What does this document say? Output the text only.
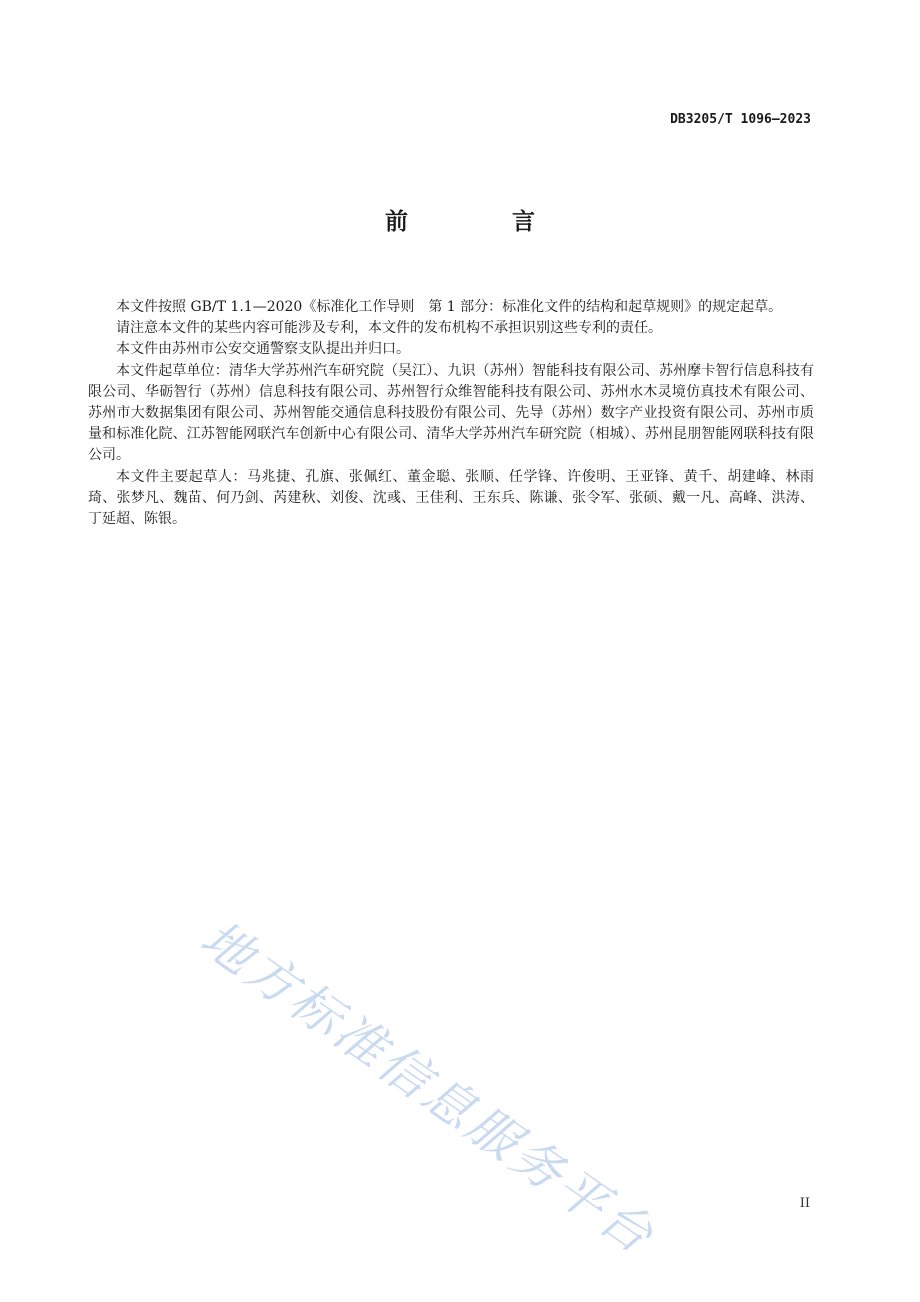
DB3205/T 1096—2023
前 言

本文件按照 GB/T 1.1—2020《标准化工作导则　第 1 部分：标准化文件的结构和起草规则》的规定起草。

请注意本文件的某些内容可能涉及专利，本文件的发布机构不承担识别这些专利的责任。

本文件由苏州市公安交通警察支队提出并归口。

本文件起草单位：清华大学苏州汽车研究院（吴江）、九识（苏州）智能科技有限公司、苏州摩卡智行信息科技有限公司、华砺智行（苏州）信息科技有限公司、苏州智行众维智能科技有限公司、苏州水木灵境仿真技术有限公司、苏州市大数据集团有限公司、苏州智能交通信息科技股份有限公司、先导（苏州）数字产业投资有限公司、苏州市质量和标准化院、江苏智能网联汽车创新中心有限公司、清华大学苏州汽车研究院（相城）、苏州昆朋智能网联科技有限公司。

本文件主要起草人：马兆捷、孔旗、张佩红、董金聪、张顺、任学锋、许俊明、王亚锋、黄千、胡建峰、林雨琦、张梦凡、魏苗、何乃剑、芮建秋、刘俊、沈彧、王佳利、王东兵、陈谦、张令军、张硕、戴一凡、高峰、洪涛、丁延超、陈银。

地方标准信息服务平台	II
